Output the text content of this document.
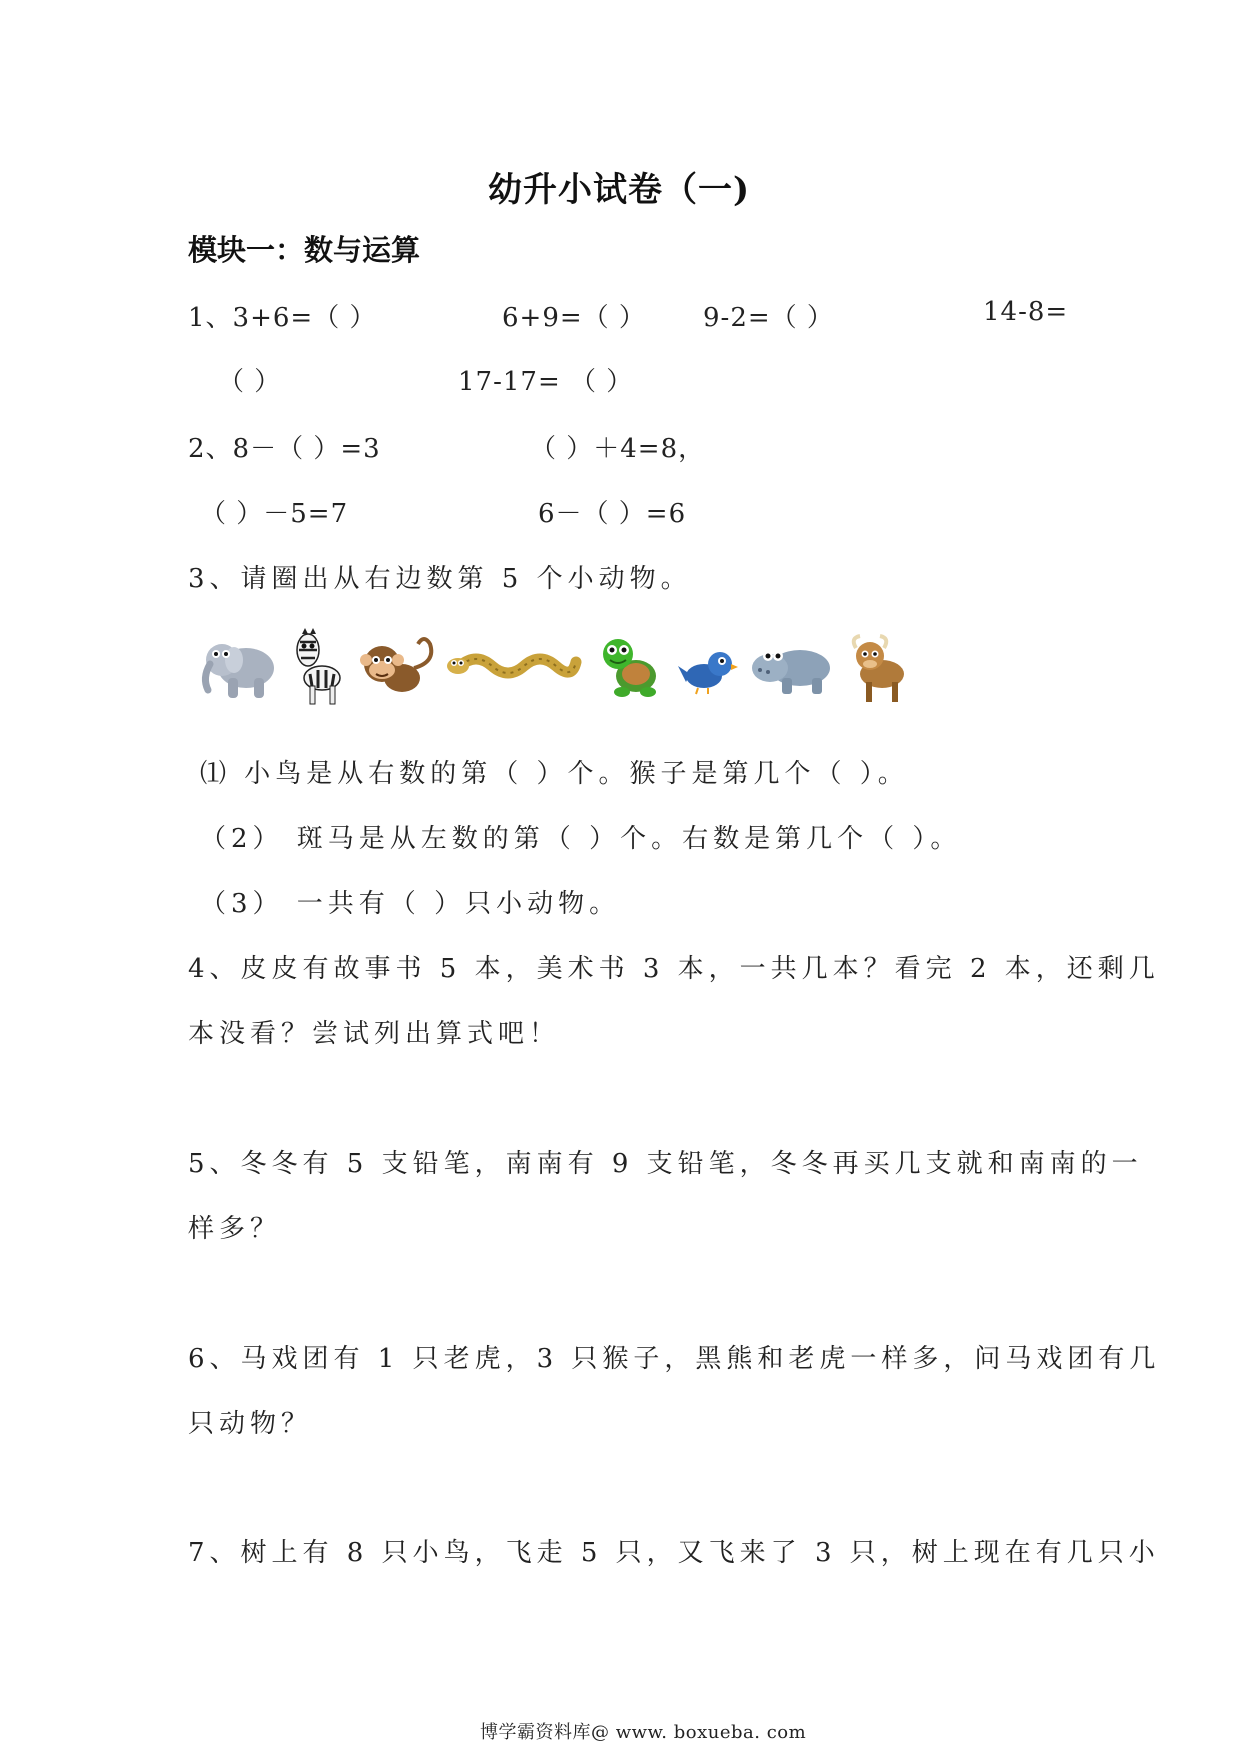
幼升小试卷（一)
模块一：数与运算
1、3+6=（ ）	6+9=（ ） 9-2=（ ）	14-8=
（ ）	17-17= （ ）
2、8－（ ）=3	（ ）＋4=8，
（ ）－5=7	6－（ ）=6
3、请圈出从右边数第 5 个小动物。
⑴ 小鸟是从右数的第（ ）个。猴子是第几个（ ）。
（2） 斑马是从左数的第（ ）个。右数是第几个（ ）。
（3） 一共有（ ）只小动物。
4、皮皮有故事书 5 本，美术书 3 本，一共几本？看完 2 本，还剩几
本没看？尝试列出算式吧！
5、冬冬有 5 支铅笔，南南有 9 支铅笔，冬冬再买几支就和南南的一
样多？
6、马戏团有 1 只老虎，3 只猴子，黑熊和老虎一样多，问马戏团有几
只动物？
7、树上有 8 只小鸟，飞走 5 只，又飞来了 3 只，树上现在有几只小
博学霸资料库@ www. boxueba. com
